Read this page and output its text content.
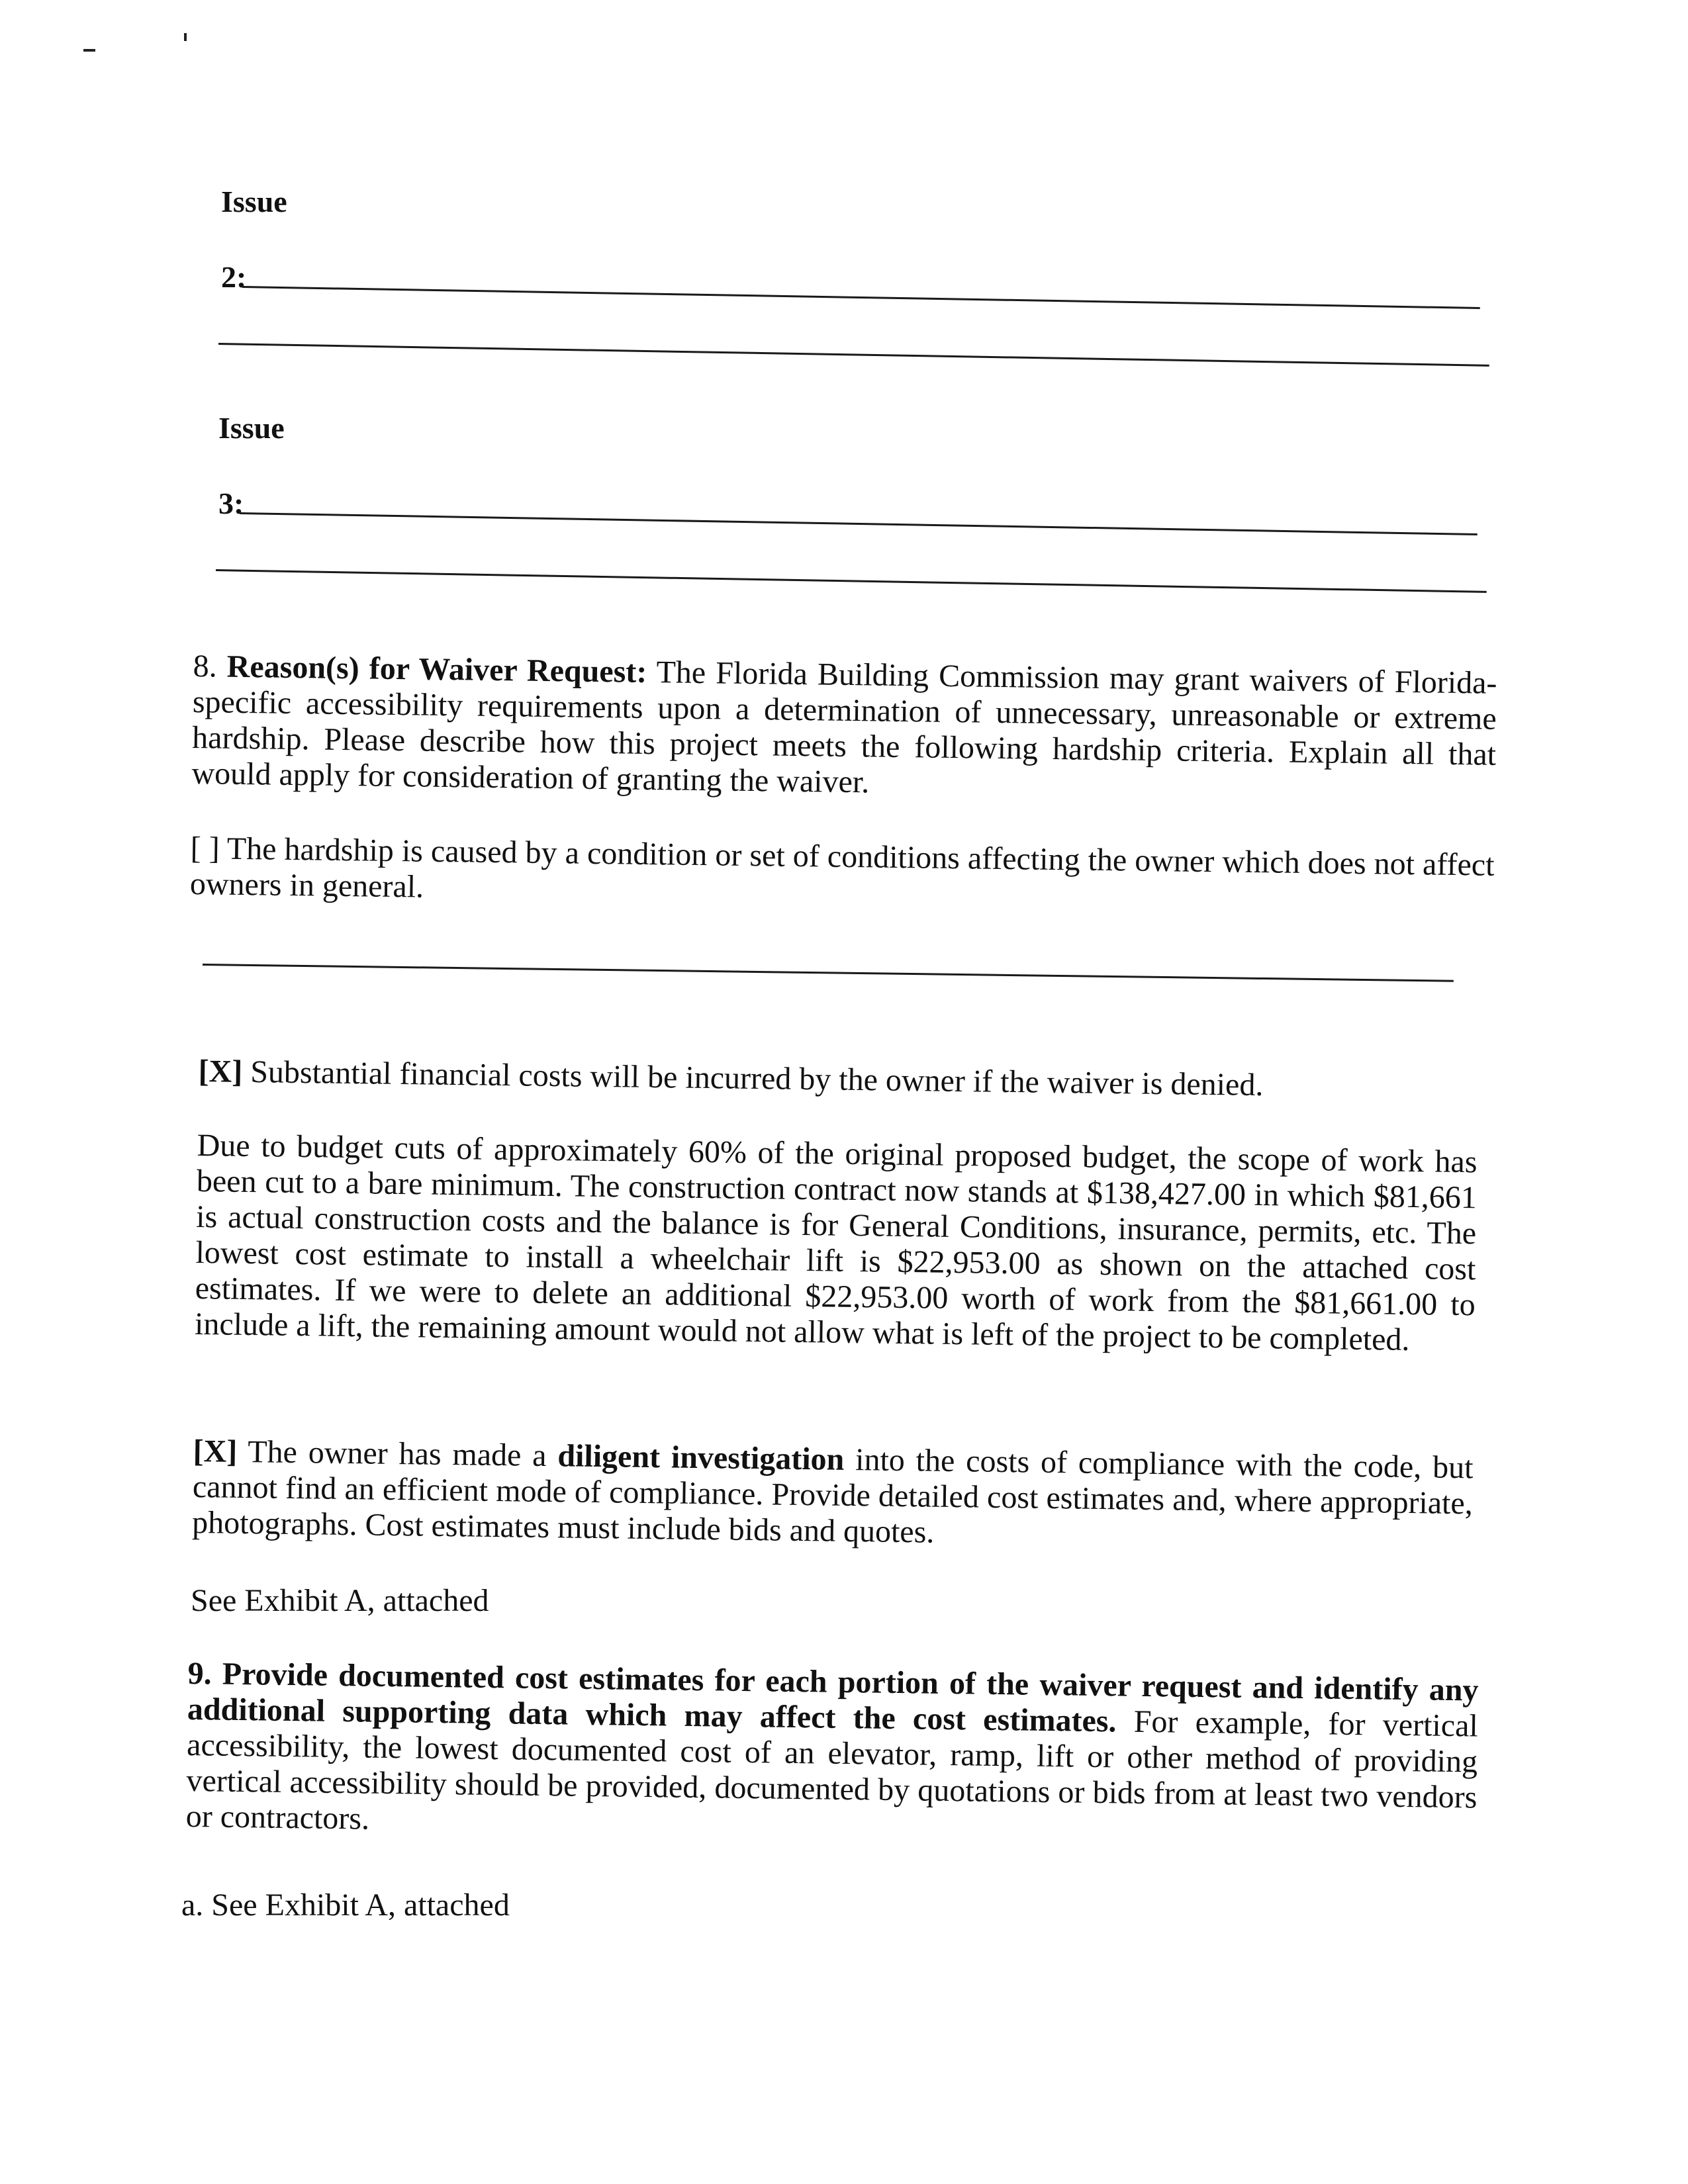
Issue
2:
Issue
3:
8. Reason(s) for Waiver Request: The Florida Building Commission may grant waivers of Florida-specific accessibility requirements upon a determination of unnecessary, unreasonable or extreme hardship. Please describe how this project meets the following hardship criteria. Explain all that would apply for consideration of granting the waiver.
[ ] The hardship is caused by a condition or set of conditions affecting the owner which does not affect owners in general.
[X] Substantial financial costs will be incurred by the owner if the waiver is denied.
Due to budget cuts of approximately 60% of the original proposed budget, the scope of work has been cut to a bare minimum. The construction contract now stands at $138,427.00 in which $81,661 is actual construction costs and the balance is for General Conditions, insurance, permits, etc. The lowest cost estimate to install a wheelchair lift is $22,953.00 as shown on the attached cost estimates. If we were to delete an additional $22,953.00 worth of work from the $81,661.00 to include a lift, the remaining amount would not allow what is left of the project to be completed.
[X] The owner has made a diligent investigation into the costs of compliance with the code, but cannot find an efficient mode of compliance. Provide detailed cost estimates and, where appropriate, photographs. Cost estimates must include bids and quotes.
See Exhibit A, attached
9. Provide documented cost estimates for each portion of the waiver request and identify any additional supporting data which may affect the cost estimates. For example, for vertical accessibility, the lowest documented cost of an elevator, ramp, lift or other method of providing vertical accessibility should be provided, documented by quotations or bids from at least two vendors or contractors.
a. See Exhibit A, attached
